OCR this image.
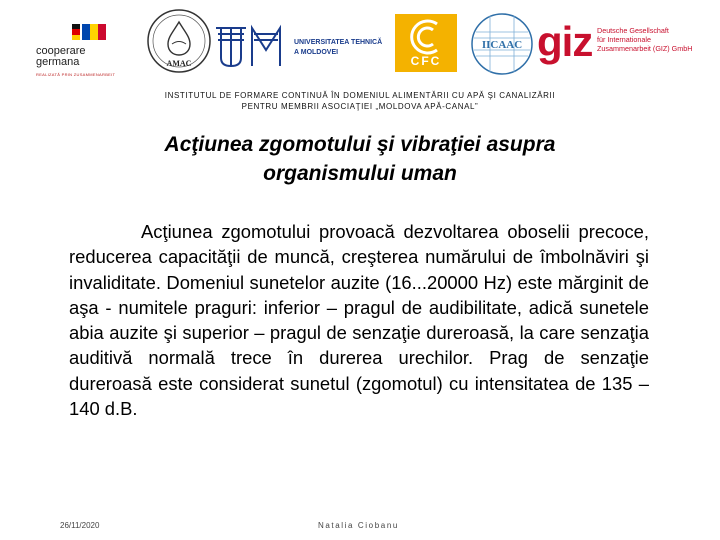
cooperare
germana
REALIZATĂ PRIN ZUSAMMENARBEIT
AMAC
UNIVERSITATEA TEHNICĂ
A MOLDOVEI
CFC
IICAAC giz Deutsche Gesellschaft
für Internationale
Zusammenarbeit (GIZ) GmbH
INSTITUTUL DE FORMARE CONTINUĂ ÎN DOMENIUL ALIMENTĂRII CU APĂ ŞI CANALIZĂRII
PENTRU MEMBRII ASOCIAŢIEI „MOLDOVA APĂ-CANAL”
Acţiunea zgomotului şi vibraţiei asupra
organismului uman
Acţiunea zgomotului provoacă dezvoltarea oboselii precoce, reducerea capacităţii de muncă, creşterea numărului de îmbolnăviri şi invaliditate. Domeniul sunetelor auzite (16...20000 Hz) este mărginit de aşa - numitele praguri: inferior – pragul de audibilitate, adică sunetele abia auzite şi superior – pragul de senzaţie dureroasă, la care senzaţia auditivă normală trece în durerea urechilor. Prag de senzaţie dureroasă este considerat sunetul (zgomotul) cu intensitatea de 135 – 140 d.B.
26/11/2020	Natalia Ciobanu
